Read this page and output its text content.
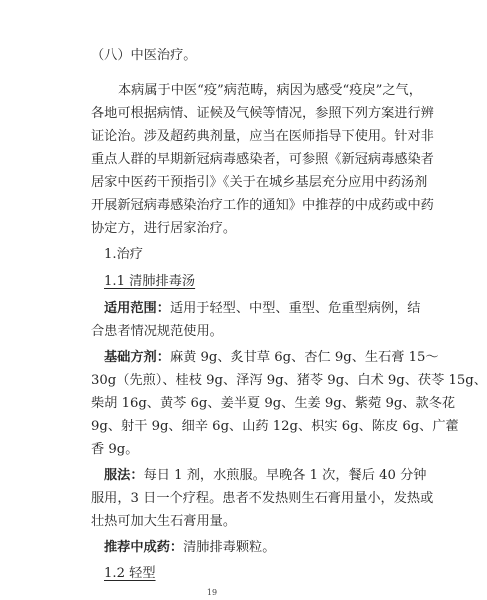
（八）中医治疗。
本病属于中医“疫”病范畴，病因为感受“疫戾”之气，
各地可根据病情、证候及气候等情况，参照下列方案进行辨
证论治。涉及超药典剂量，应当在医师指导下使用。针对非
重点人群的早期新冠病毒感染者，可参照《新冠病毒感染者
居家中医药干预指引》《关于在城乡基层充分应用中药汤剂
开展新冠病毒感染治疗工作的通知》中推荐的中成药或中药
协定方，进行居家治疗。
1.治疗
1.1 清肺排毒汤
适用范围：适用于轻型、中型、重型、危重型病例，结
合患者情况规范使用。
基础方剂：麻黄 9g、炙甘草 6g、杏仁 9g、生石膏 15～
30g（先煎）、桂枝 9g、泽泻 9g、猪苓 9g、白术 9g、茯苓 15g、
柴胡 16g、黄芩 6g、姜半夏 9g、生姜 9g、紫菀 9g、款冬花
9g、射干 9g、细辛 6g、山药 12g、枳实 6g、陈皮 6g、广藿
香 9g。
服法：每日 1 剂，水煎服。早晚各 1 次，餐后 40 分钟
服用，3 日一个疗程。患者不发热则生石膏用量小，发热或
壮热可加大生石膏用量。
推荐中成药：清肺排毒颗粒。
1.2 轻型
19
